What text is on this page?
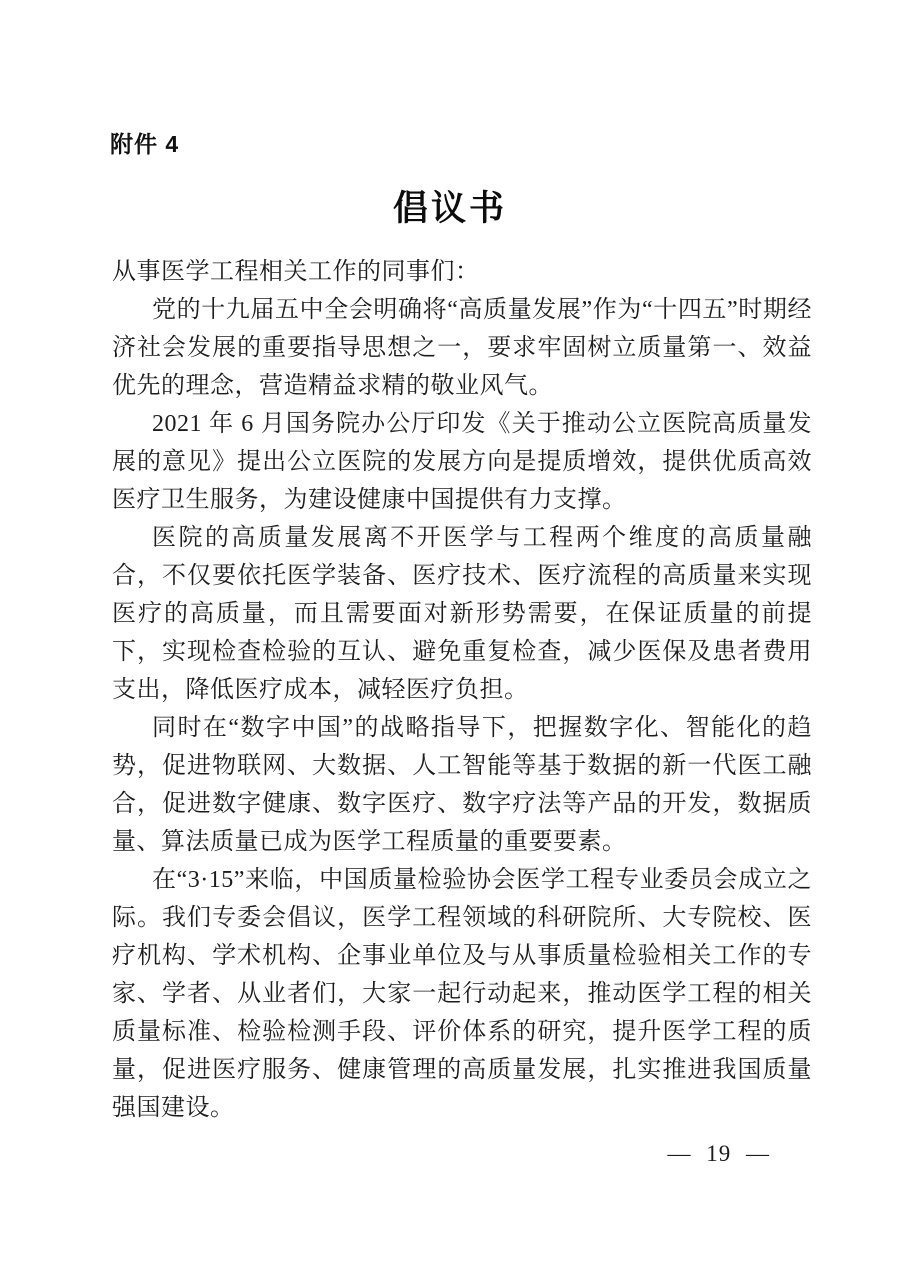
附件 4
倡议书

从事医学工程相关工作的同事们：

党的十九届五中全会明确将“高质量发展”作为“十四五”时期经济社会发展的重要指导思想之一，要求牢固树立质量第一、效益优先的理念，营造精益求精的敬业风气。

2021 年 6 月国务院办公厅印发《关于推动公立医院高质量发展的意见》提出公立医院的发展方向是提质增效，提供优质高效医疗卫生服务，为建设健康中国提供有力支撑。

医院的高质量发展离不开医学与工程两个维度的高质量融合，不仅要依托医学装备、医疗技术、医疗流程的高质量来实现医疗的高质量，而且需要面对新形势需要，在保证质量的前提下，实现检查检验的互认、避免重复检查，减少医保及患者费用支出，降低医疗成本，减轻医疗负担。

同时在“数字中国”的战略指导下，把握数字化、智能化的趋势，促进物联网、大数据、人工智能等基于数据的新一代医工融合，促进数字健康、数字医疗、数字疗法等产品的开发，数据质量、算法质量已成为医学工程质量的重要要素。

在“3·15”来临，中国质量检验协会医学工程专业委员会成立之际。我们专委会倡议，医学工程领域的科研院所、大专院校、医疗机构、学术机构、企事业单位及与从事质量检验相关工作的专家、学者、从业者们，大家一起行动起来，推动医学工程的相关质量标准、检验检测手段、评价体系的研究，提升医学工程的质量，促进医疗服务、健康管理的高质量发展，扎实推进我国质量强国建设。

— 19 —
